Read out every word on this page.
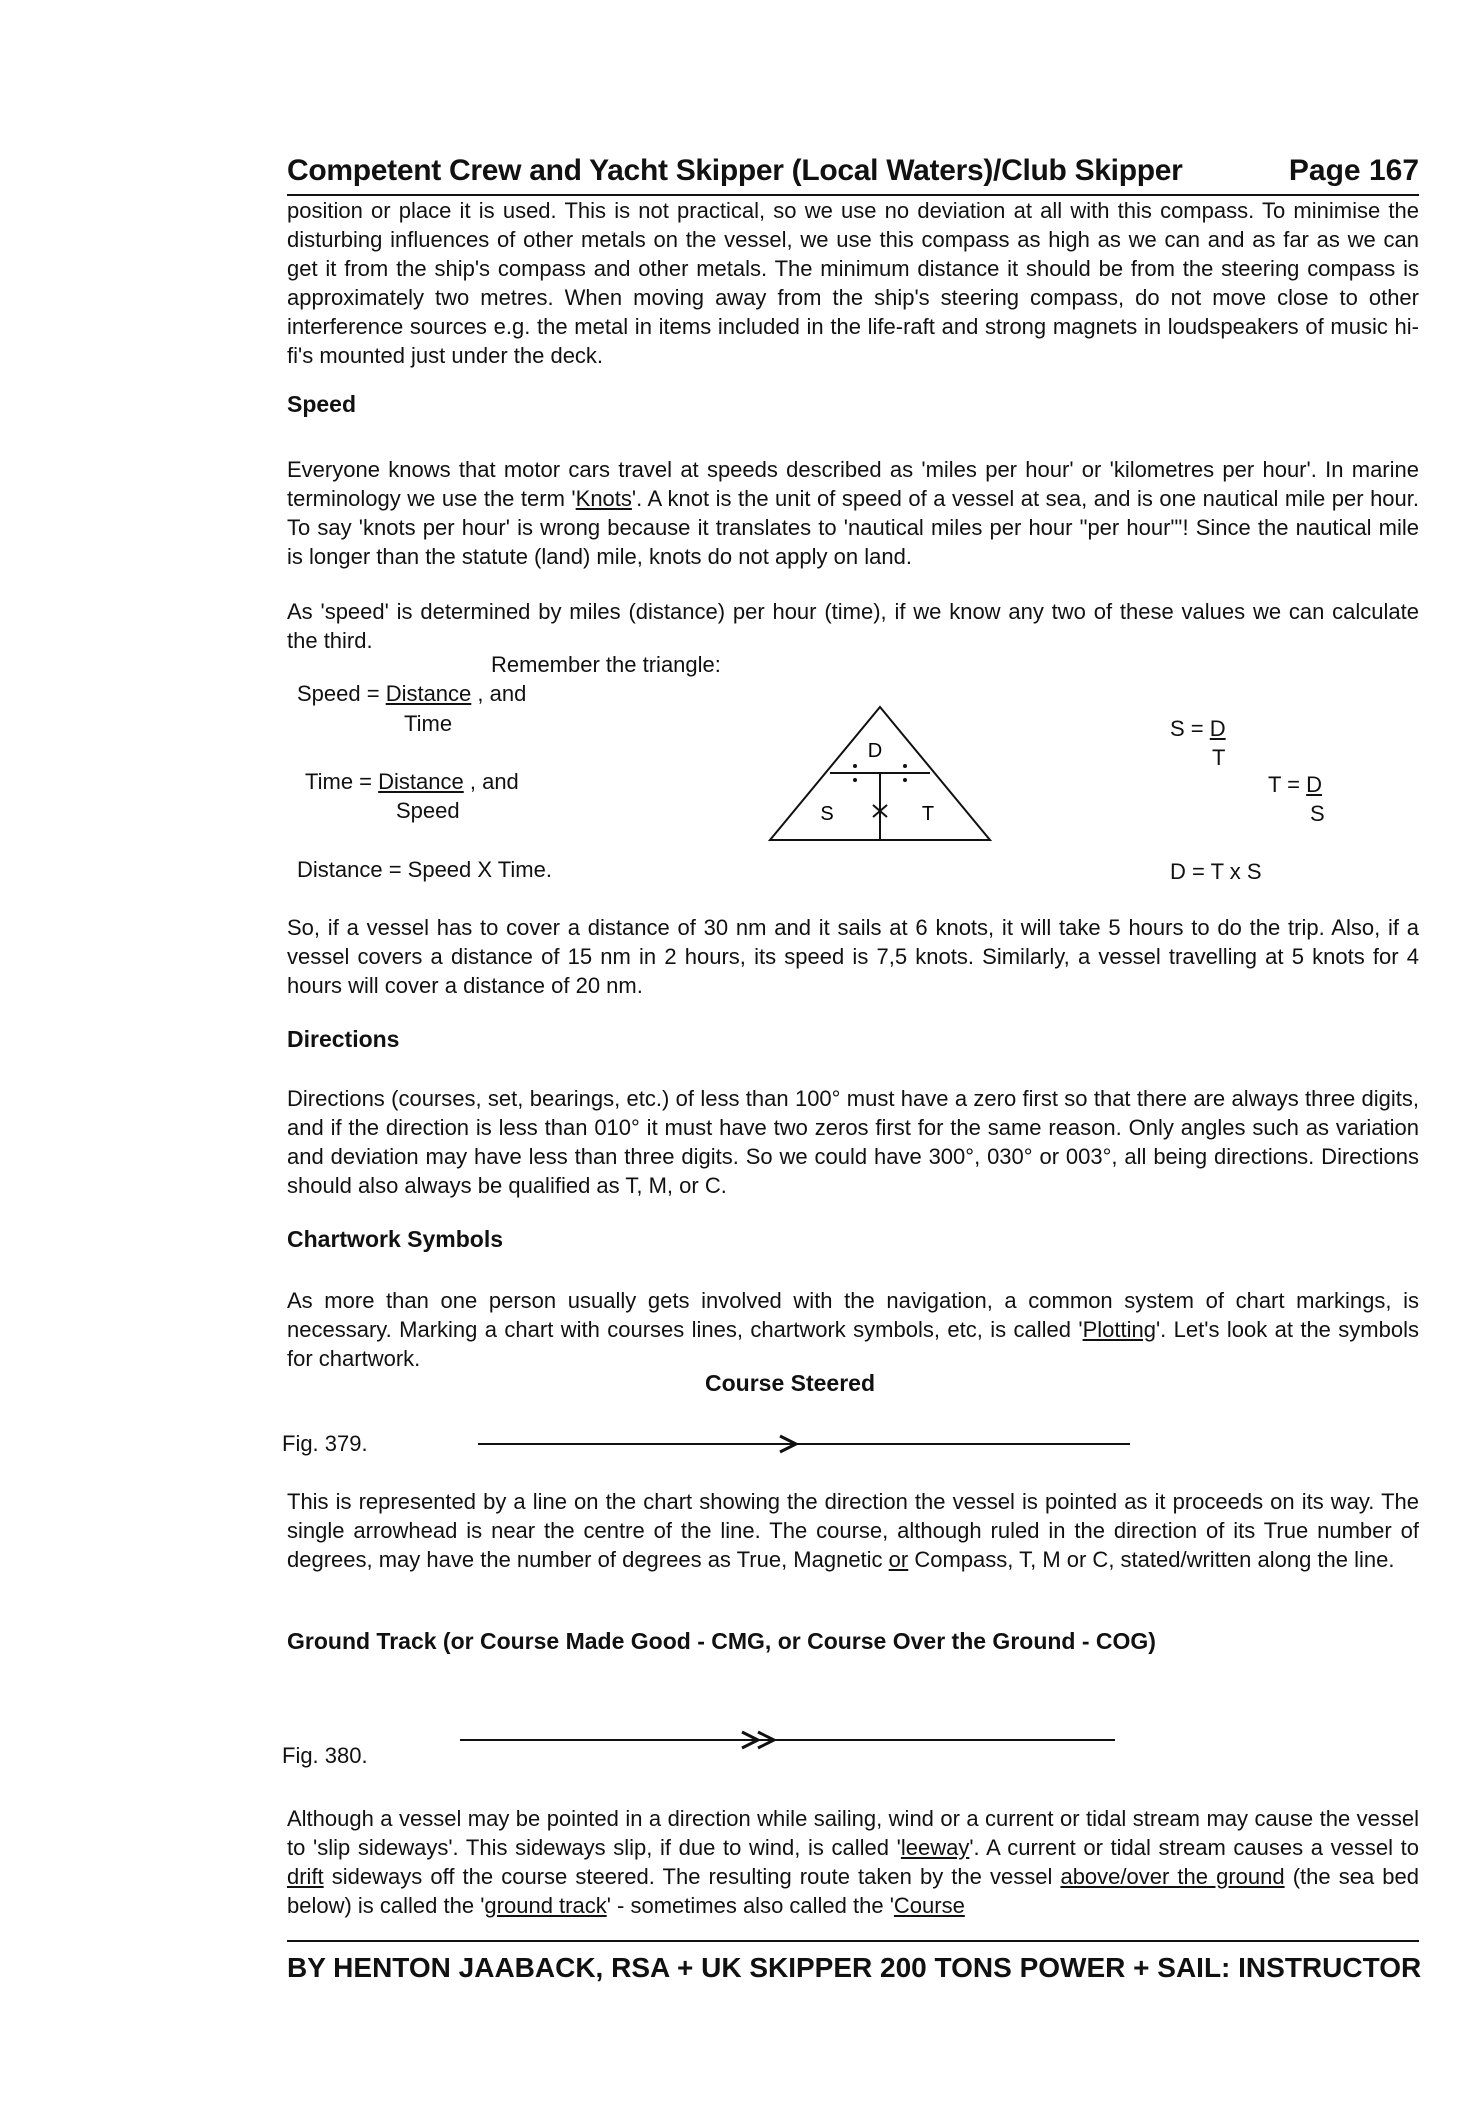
Competent Crew and Yacht Skipper (Local Waters)/Club Skipper	Page 167

position or place it is used. This is not practical, so we use no deviation at all with this compass. To minimise the disturbing influences of other metals on the vessel, we use this compass as high as we can and as far as we can get it from the ship's compass and other metals. The minimum distance it should be from the steering compass is approximately two metres. When moving away from the ship's steering compass, do not move close to other interference sources e.g. the metal in items included in the life-raft and strong magnets in loudspeakers of music hi-fi's mounted just under the deck.

Speed

Everyone knows that motor cars travel at speeds described as 'miles per hour' or 'kilometres per hour'. In marine terminology we use the term 'Knots'. A knot is the unit of speed of a vessel at sea, and is one nautical mile per hour. To say 'knots per hour' is wrong because it translates to 'nautical miles per hour "per hour"'! Since the nautical mile is longer than the statute (land) mile, knots do not apply on land.

As 'speed' is determined by miles (distance) per hour (time), if we know any two of these values we can calculate the third.

Remember the triangle:
Speed = Distance , and
Time
Time = Distance , and
Speed
Distance = Speed X Time.
D
S	T
S = D
T
T = D
S
D = T x S

So, if a vessel has to cover a distance of 30 nm and it sails at 6 knots, it will take 5 hours to do the trip. Also, if a vessel covers a distance of 15 nm in 2 hours, its speed is 7,5 knots. Similarly, a vessel travelling at 5 knots for 4 hours will cover a distance of 20 nm.

Directions

Directions (courses, set, bearings, etc.) of less than 100° must have a zero first so that there are always three digits, and if the direction is less than 010° it must have two zeros first for the same reason. Only angles such as variation and deviation may have less than three digits. So we could have 300°, 030° or 003°, all being directions. Directions should also always be qualified as T, M, or C.

Chartwork Symbols

As more than one person usually gets involved with the navigation, a common system of chart markings, is necessary. Marking a chart with courses lines, chartwork symbols, etc, is called 'Plotting'. Let's look at the symbols for chartwork.

Course Steered
Fig. 379.

This is represented by a line on the chart showing the direction the vessel is pointed as it proceeds on its way. The single arrowhead is near the centre of the line. The course, although ruled in the direction of its True number of degrees, may have the number of degrees as True, Magnetic or Compass, T, M or C, stated/written along the line.

Ground Track (or Course Made Good - CMG, or Course Over the Ground - COG)
Fig. 380.

Although a vessel may be pointed in a direction while sailing, wind or a current or tidal stream may cause the vessel to 'slip sideways'. This sideways slip, if due to wind, is called 'leeway'. A current or tidal stream causes a vessel to drift sideways off the course steered. The resulting route taken by the vessel above/over the ground (the sea bed below) is called the 'ground track' - sometimes also called the 'Course

BY HENTON JAABACK, RSA + UK SKIPPER 200 TONS POWER + SAIL: INSTRUCTOR
